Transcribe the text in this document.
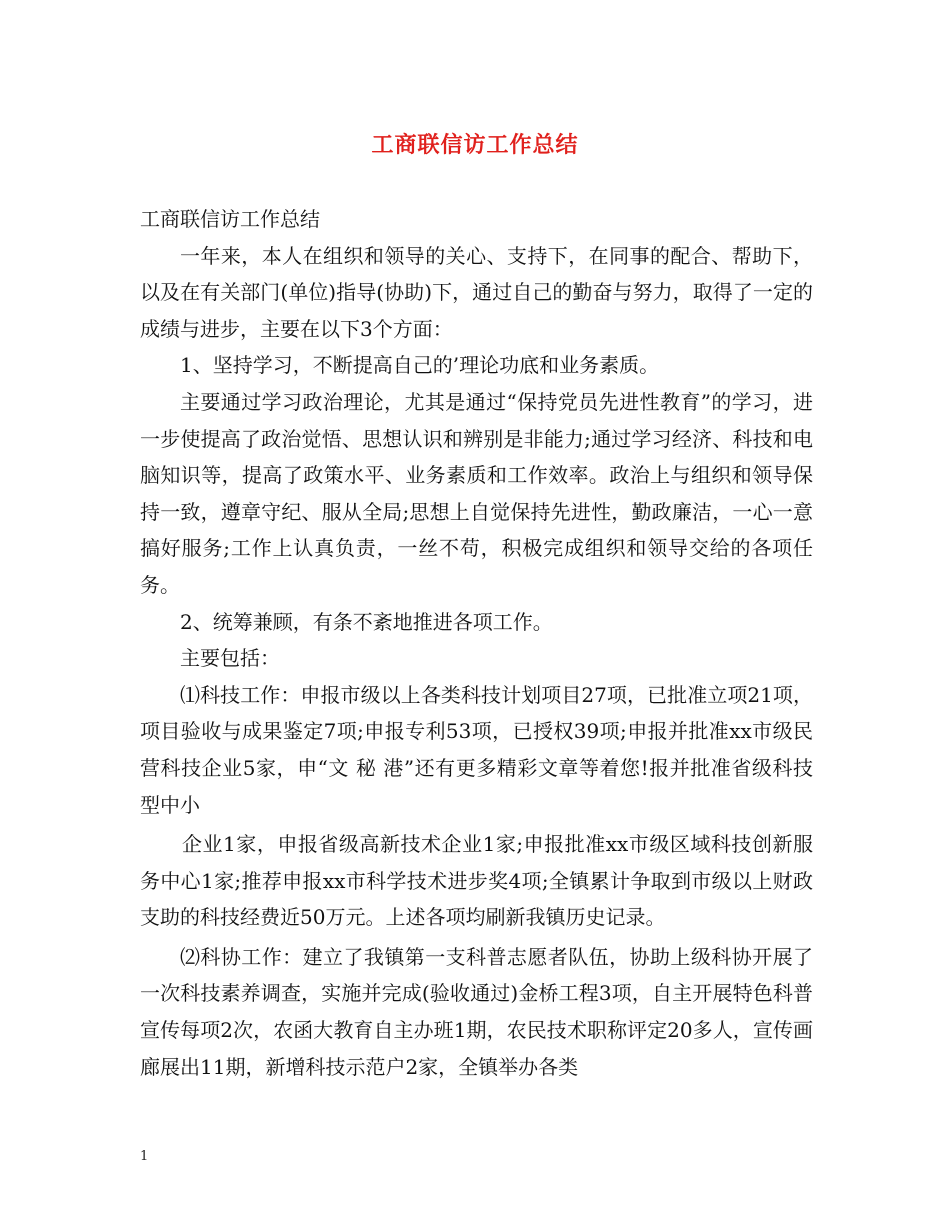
工商联信访工作总结

工商联信访工作总结

一年来，本人在组织和领导的关心、支持下，在同事的配合、帮助下，以及在有关部门(单位)指导(协助)下，通过自己的勤奋与努力，取得了一定的成绩与进步，主要在以下3个方面：

1、坚持学习，不断提高自己的’理论功底和业务素质。

主要通过学习政治理论，尤其是通过“保持党员先进性教育”的学习，进一步使提高了政治觉悟、思想认识和辨别是非能力;通过学习经济、科技和电脑知识等，提高了政策水平、业务素质和工作效率。政治上与组织和领导保持一致，遵章守纪、服从全局;思想上自觉保持先进性，勤政廉洁，一心一意搞好服务;工作上认真负责，一丝不苟，积极完成组织和领导交给的各项任务。

2、统筹兼顾，有条不紊地推进各项工作。

主要包括：

⑴科技工作：申报市级以上各类科技计划项目27项，已批准立项21项，项目验收与成果鉴定7项;申报专利53项，已授权39项;申报并批准xx市级民营科技企业5家，申“文 秘 港”还有更多精彩文章等着您!报并批准省级科技型中小

企业1家，申报省级高新技术企业1家;申报批准xx市级区域科技创新服务中心1家;推荐申报xx市科学技术进步奖4项;全镇累计争取到市级以上财政支助的科技经费近50万元。上述各项均刷新我镇历史记录。

⑵科协工作：建立了我镇第一支科普志愿者队伍，协助上级科协开展了一次科技素养调查，实施并完成(验收通过)金桥工程3项，自主开展特色科普宣传每项2次，农函大教育自主办班1期，农民技术职称评定20多人，宣传画廊展出11期，新增科技示范户2家，全镇举办各类

1
